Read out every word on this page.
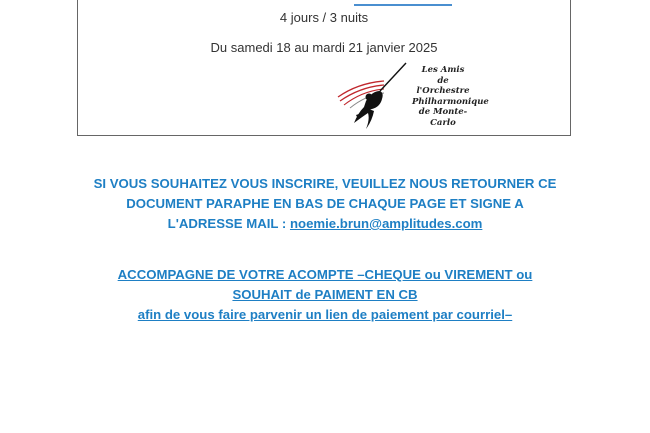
4 jours / 3 nuits
Du samedi 18 au mardi 21 janvier 2025
Les Amis
de l'Orchestre
Philharmonique
de Monte-Carlo
SI VOUS SOUHAITEZ VOUS INSCRIRE, VEUILLEZ NOUS RETOURNER CE
DOCUMENT PARAPHE EN BAS DE CHAQUE PAGE ET SIGNE A
L'ADRESSE MAIL : noemie.brun@amplitudes.com
ACCOMPAGNE DE VOTRE ACOMPTE –CHEQUE ou VIREMENT ou
SOUHAIT de PAIMENT EN CB
afin de vous faire parvenir un lien de paiement par courriel–
